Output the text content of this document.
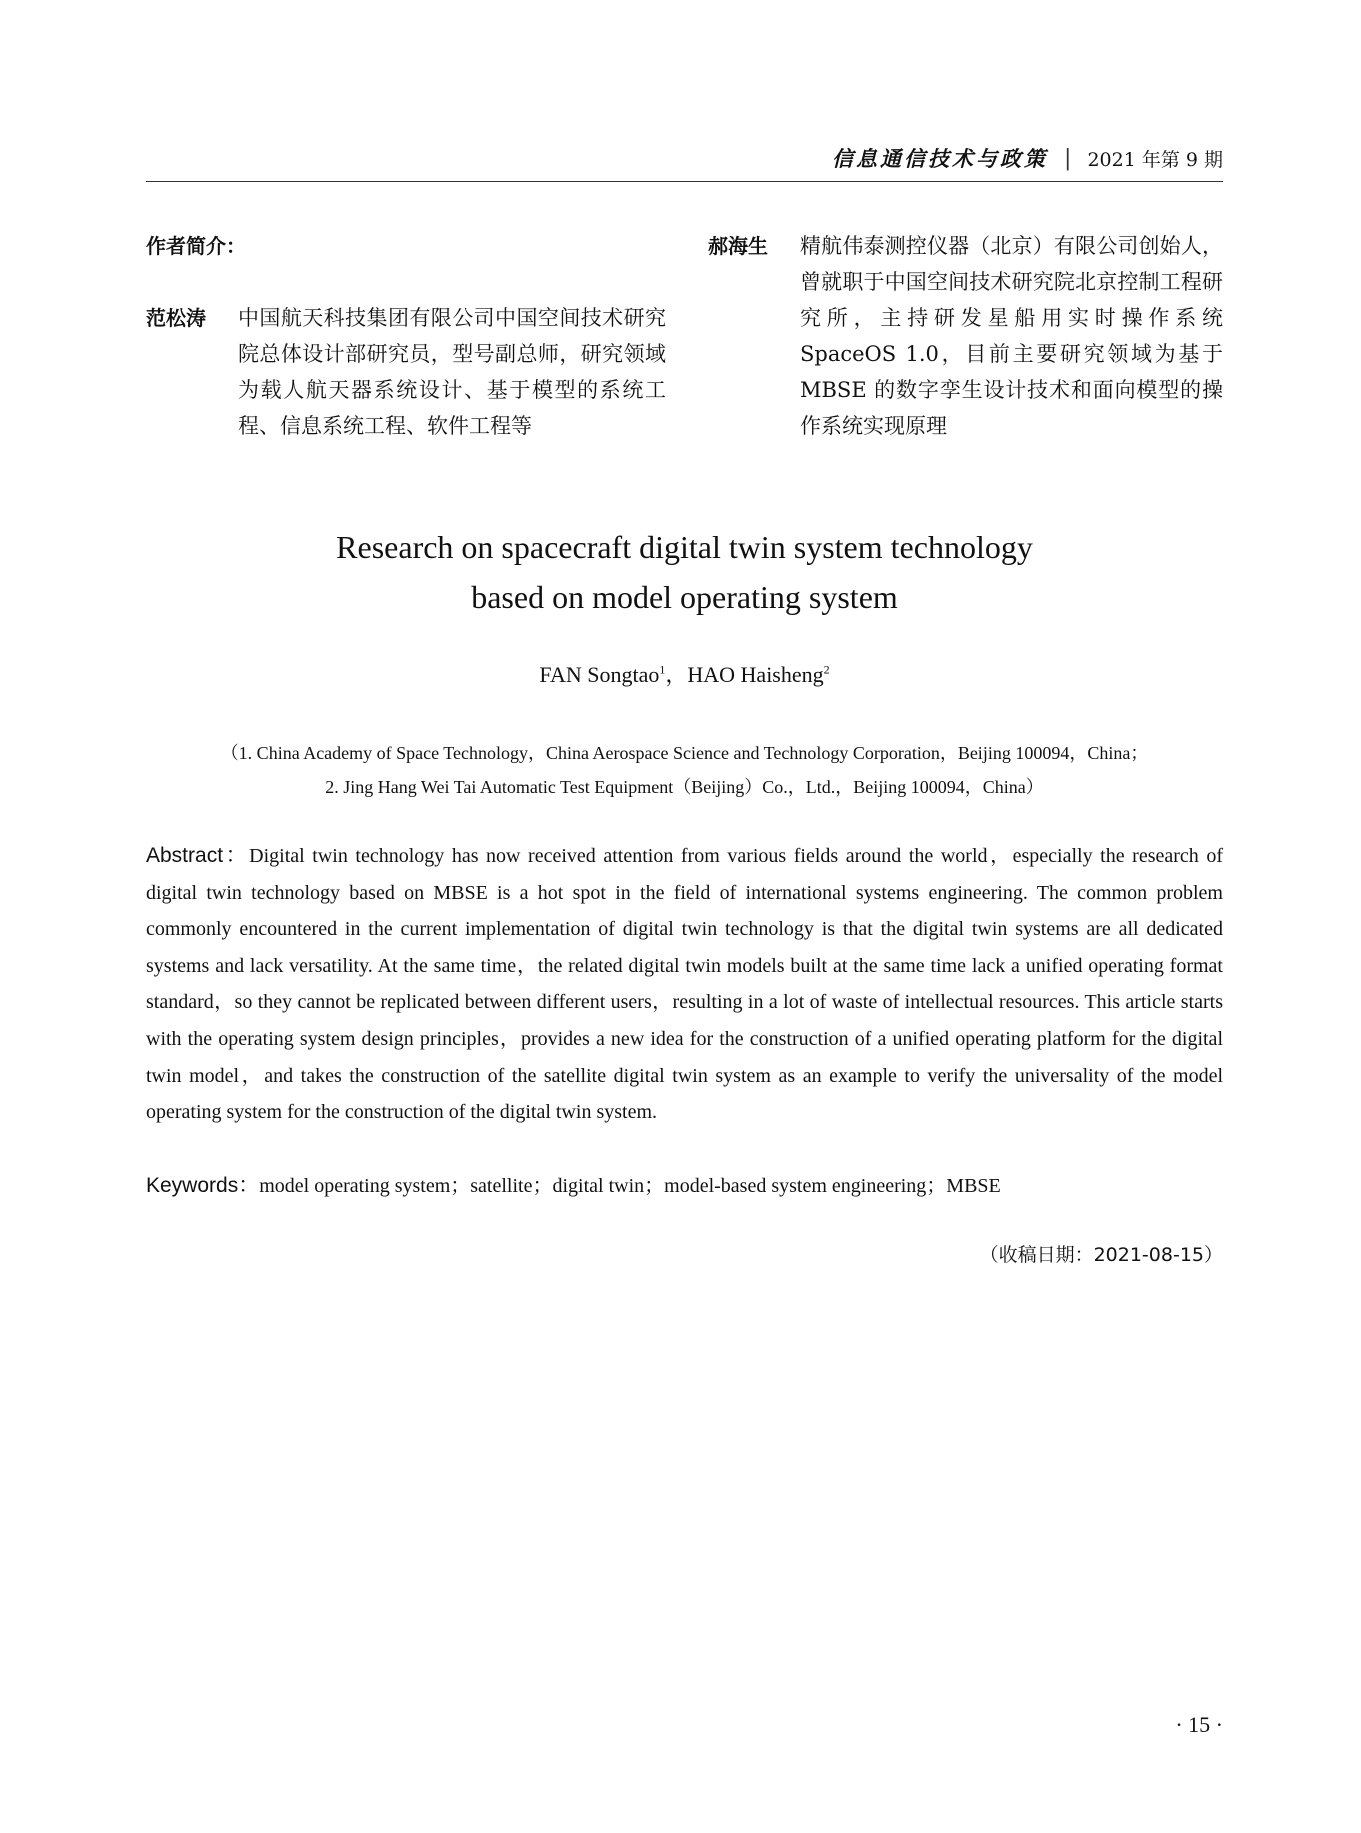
信息通信技术与政策 | 2021 年第 9 期
作者简介：
范松涛	中国航天科技集团有限公司中国空间技术研究院总体设计部研究员，型号副总师，研究领域为载人航天器系统设计、基于模型的系统工程、信息系统工程、软件工程等
郝海生	精航伟泰测控仪器（北京）有限公司创始人，曾就职于中国空间技术研究院北京控制工程研究所，主持研发星船用实时操作系统 SpaceOS 1.0，目前主要研究领域为基于 MBSE 的数字孪生设计技术和面向模型的操作系统实现原理
Research on spacecraft digital twin system technology
based on model operating system
FAN Songtao$^1$，HAO Haisheng$^2$
（1. China Academy of Space Technology，China Aerospace Science and Technology Corporation，Beijing 100094，China；
2. Jing Hang Wei Tai Automatic Test Equipment（Beijing）Co.，Ltd.，Beijing 100094，China）
Abstract：Digital twin technology has now received attention from various fields around the world，especially the research of digital twin technology based on MBSE is a hot spot in the field of international systems engineering. The common problem commonly encountered in the current implementation of digital twin technology is that the digital twin systems are all dedicated systems and lack versatility. At the same time，the related digital twin models built at the same time lack a unified operating format standard，so they cannot be replicated between different users，resulting in a lot of waste of intellectual resources. This article starts with the operating system design principles，provides a new idea for the construction of a unified operating platform for the digital twin model，and takes the construction of the satellite digital twin system as an example to verify the universality of the model operating system for the construction of the digital twin system.
Keywords：model operating system；satellite；digital twin；model-based system engineering；MBSE
（收稿日期：2021-08-15）
· 15 ·
